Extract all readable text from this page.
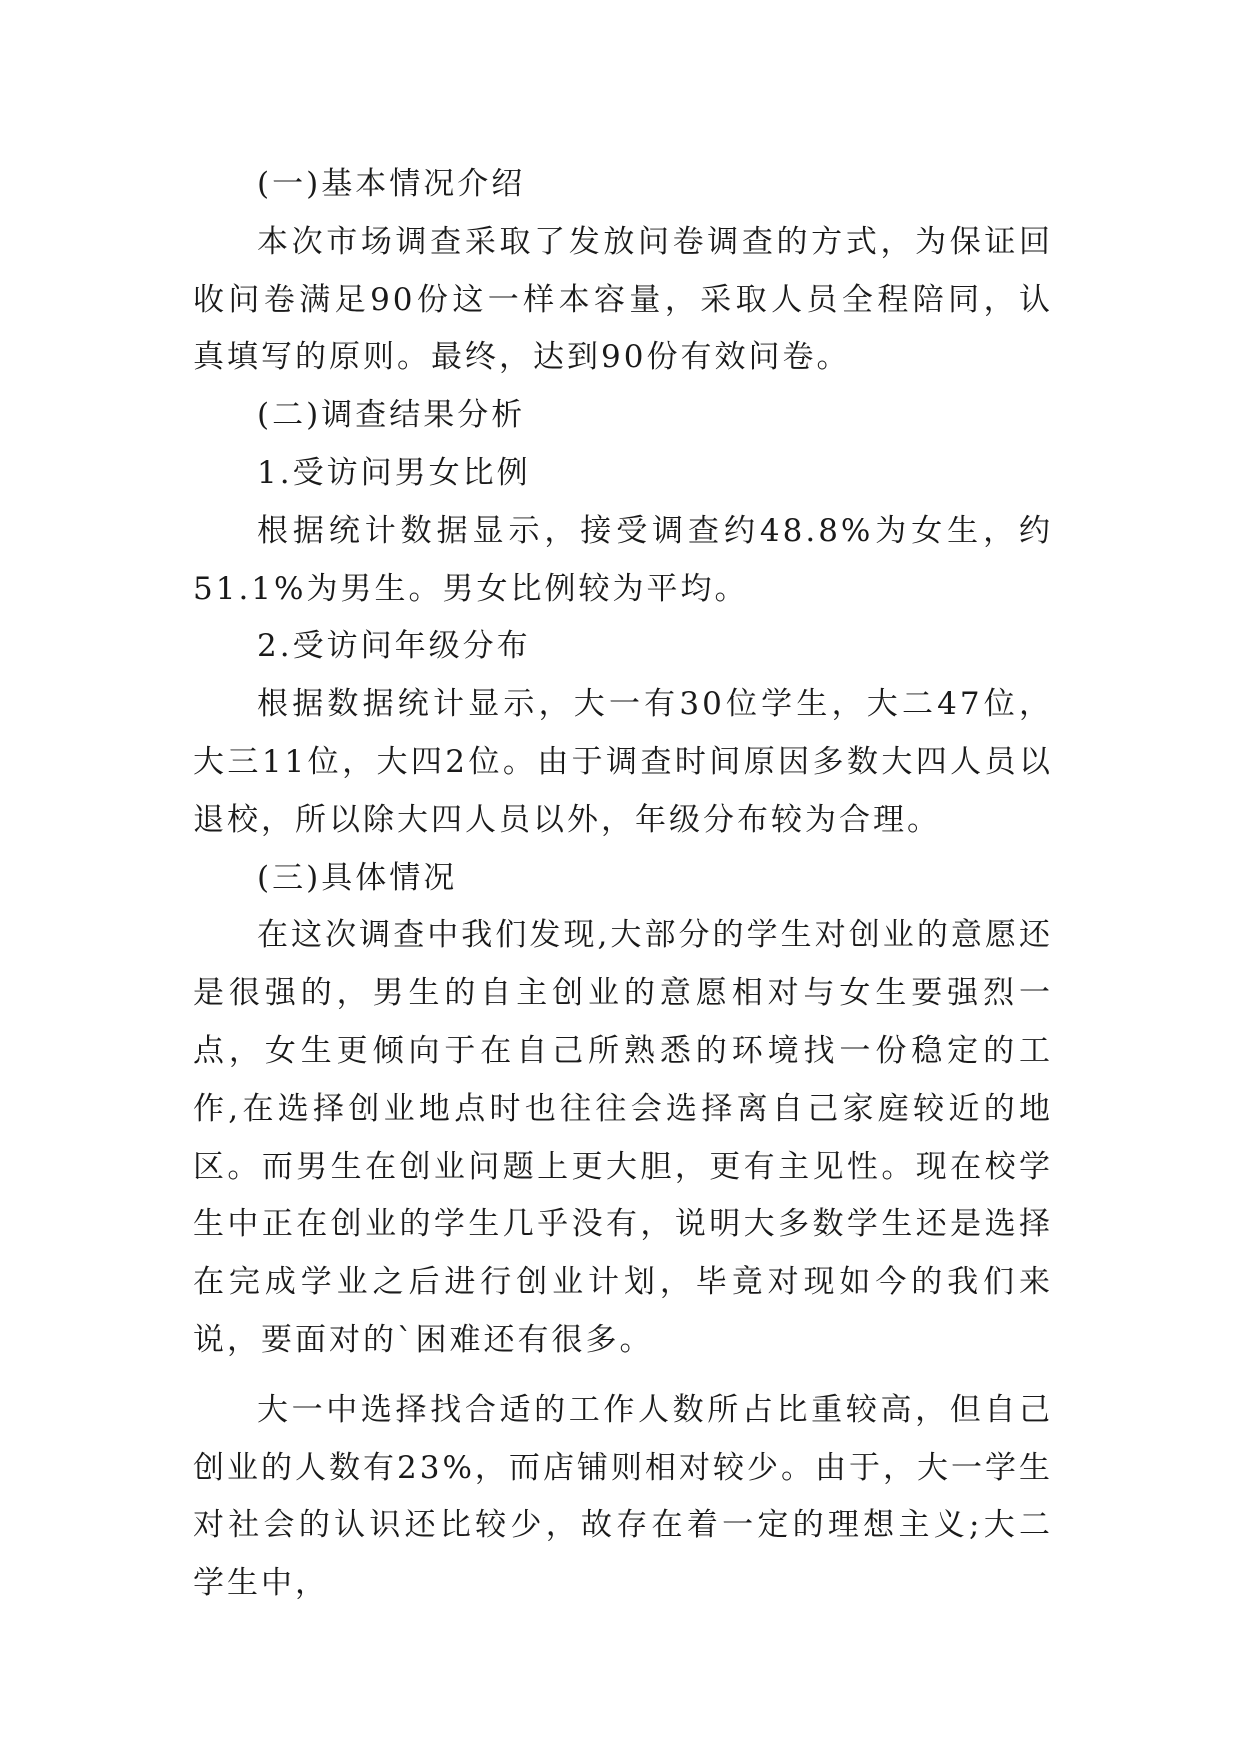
(一)基本情况介绍

本次市场调查采取了发放问卷调查的方式，为保证回收问卷满足90份这一样本容量，采取人员全程陪同，认真填写的原则。最终，达到90份有效问卷。

(二)调查结果分析

1.受访问男女比例

根据统计数据显示，接受调查约48.8%为女生，约51.1%为男生。男女比例较为平均。

2.受访问年级分布

根据数据统计显示，大一有30位学生，大二47位，大三11位，大四2位。由于调查时间原因多数大四人员以退校，所以除大四人员以外，年级分布较为合理。

(三)具体情况

在这次调查中我们发现,大部分的学生对创业的意愿还是很强的，男生的自主创业的意愿相对与女生要强烈一点，女生更倾向于在自己所熟悉的环境找一份稳定的工作,在选择创业地点时也往往会选择离自己家庭较近的地区。而男生在创业问题上更大胆，更有主见性。现在校学生中正在创业的学生几乎没有，说明大多数学生还是选择在完成学业之后进行创业计划，毕竟对现如今的我们来说，要面对的`困难还有很多。

大一中选择找合适的工作人数所占比重较高，但自己创业的人数有23%，而店铺则相对较少。由于，大一学生对社会的认识还比较少，故存在着一定的理想主义;大二学生中，
